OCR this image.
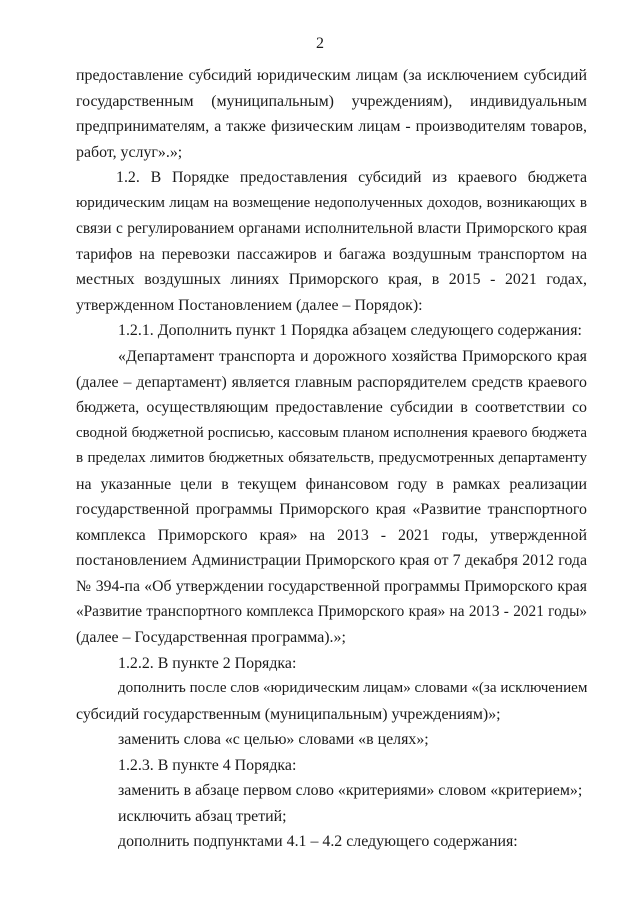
2
предоставление субсидий юридическим лицам (за исключением субсидий
государственным (муниципальным) учреждениям), индивидуальным
предпринимателям, а также физическим лицам - производителям товаров,
работ, услуг».»;
1.2. В Порядке предоставления субсидий из краевого бюджета
юридическим лицам на возмещение недополученных доходов, возникающих в
связи с регулированием органами исполнительной власти Приморского края
тарифов на перевозки пассажиров и багажа воздушным транспортом на
местных воздушных линиях Приморского края, в 2015 - 2021 годах,
утвержденном Постановлением (далее – Порядок):
1.2.1. Дополнить пункт 1 Порядка абзацем следующего содержания:
«Департамент транспорта и дорожного хозяйства Приморского края
(далее – департамент) является главным распорядителем средств краевого
бюджета, осуществляющим предоставление субсидии в соответствии со
сводной бюджетной росписью, кассовым планом исполнения краевого бюджета
в пределах лимитов бюджетных обязательств, предусмотренных департаменту
на указанные цели в текущем финансовом году в рамках реализации
государственной программы Приморского края «Развитие транспортного
комплекса Приморского края» на 2013 - 2021 годы, утвержденной
постановлением Администрации Приморского края от 7 декабря 2012 года
№ 394-па «Об утверждении государственной программы Приморского края
«Развитие транспортного комплекса Приморского края» на 2013 - 2021 годы»
(далее – Государственная программа).»;
1.2.2. В пункте 2 Порядка:
дополнить после слов «юридическим лицам» словами «(за исключением
субсидий государственным (муниципальным) учреждениям)»;
заменить слова «с целью» словами «в целях»;
1.2.3. В пункте 4 Порядка:
заменить в абзаце первом слово «критериями» словом «критерием»;
исключить абзац третий;
дополнить подпунктами 4.1 – 4.2 следующего содержания:
